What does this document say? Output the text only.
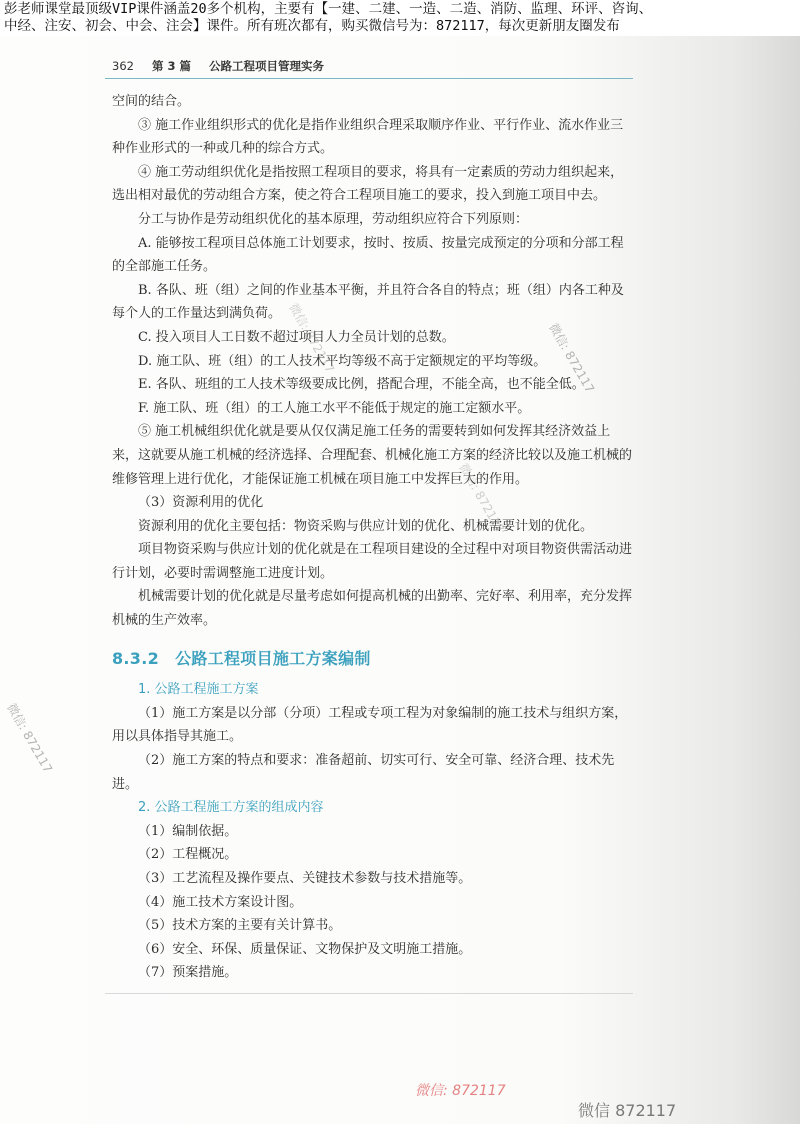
彭老师课堂最顶级VIP课件涵盖20多个机构，主要有【一建、二建、一造、二造、消防、监理、环评、咨询、
中经、注安、初会、中会、注会】课件。所有班次都有，购买微信号为：872117，每次更新朋友圈发布
362 第 3 篇 公路工程项目管理实务

空间的结合。

③ 施工作业组织形式的优化是指作业组织合理采取顺序作业、平行作业、流水作业三种作业形式的一种或几种的综合方式。

④ 施工劳动组织优化是指按照工程项目的要求，将具有一定素质的劳动力组织起来，选出相对最优的劳动组合方案，使之符合工程项目施工的要求，投入到施工项目中去。

分工与协作是劳动组织优化的基本原理，劳动组织应符合下列原则：

A. 能够按工程项目总体施工计划要求，按时、按质、按量完成预定的分项和分部工程的全部施工任务。

B. 各队、班（组）之间的作业基本平衡，并且符合各自的特点；班（组）内各工种及每个人的工作量达到满负荷。

C. 投入项目人工日数不超过项目人力全员计划的总数。

D. 施工队、班（组）的工人技术平均等级不高于定额规定的平均等级。

E. 各队、班组的工人技术等级要成比例，搭配合理，不能全高，也不能全低。

F. 施工队、班（组）的工人施工水平不能低于规定的施工定额水平。

⑤ 施工机械组织优化就是要从仅仅满足施工任务的需要转到如何发挥其经济效益上来，这就要从施工机械的经济选择、合理配套、机械化施工方案的经济比较以及施工机械的维修管理上进行优化，才能保证施工机械在项目施工中发挥巨大的作用。

（3）资源利用的优化

资源利用的优化主要包括：物资采购与供应计划的优化、机械需要计划的优化。

项目物资采购与供应计划的优化就是在工程项目建设的全过程中对项目物资供需活动进行计划，必要时需调整施工进度计划。

机械需要计划的优化就是尽量考虑如何提高机械的出勤率、完好率、利用率，充分发挥机械的生产效率。

8.3.2 公路工程项目施工方案编制
1. 公路工程施工方案

（1）施工方案是以分部（分项）工程或专项工程为对象编制的施工技术与组织方案，用以具体指导其施工。

（2）施工方案的特点和要求：准备超前、切实可行、安全可靠、经济合理、技术先进。

2. 公路工程施工方案的组成内容

（1）编制依据。

（2）工程概况。

（3）工艺流程及操作要点、关键技术参数与技术措施等。

（4）施工技术方案设计图。

（5）技术方案的主要有关计算书。

（6）安全、环保、质量保证、文物保护及文明施工措施。

（7）预案措施。

微信: 872117
微信: 872117
微信: 872117
微信: 872117
微信: 872117
微信 872117
